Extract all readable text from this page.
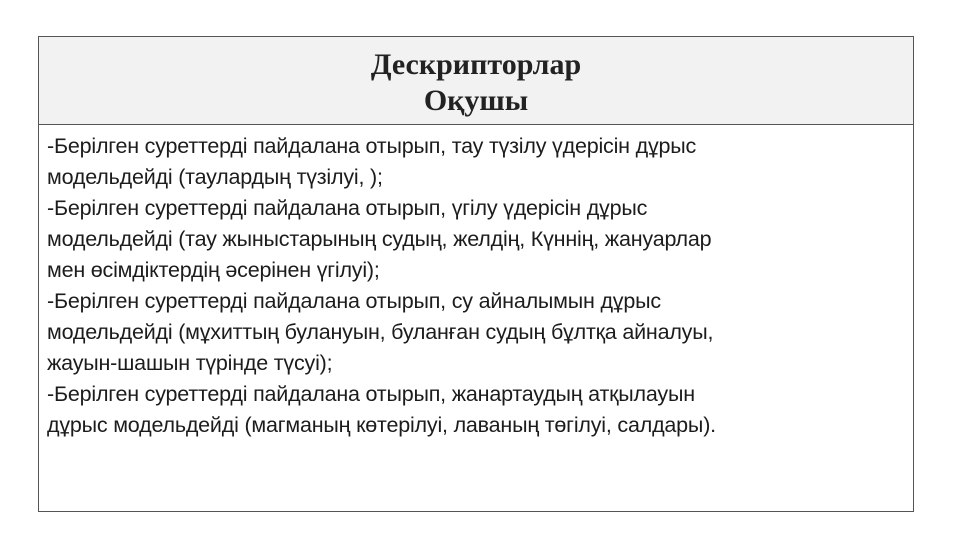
Дескрипторлар
Оқушы
-Берілген суреттерді пайдалана отырып, тау түзілу үдерісін дұрыс
модельдейді (таулардың түзілуі, );
-Берілген суреттерді пайдалана отырып, үгілу үдерісін дұрыс
модельдейді (тау жыныстарының судың, желдің, Күннің, жануарлар
мен өсімдіктердің әсерінен үгілуі);
-Берілген суреттерді пайдалана отырып, су айналымын дұрыс
модельдейді (мұхиттың булануын, буланған судың бұлтқа айналуы,
жауын-шашын түрінде түсуі);
-Берілген суреттерді пайдалана отырып, жанартаудың атқылауын
дұрыс модельдейді (магманың көтерілуі, лаваның төгілуі, салдары).
